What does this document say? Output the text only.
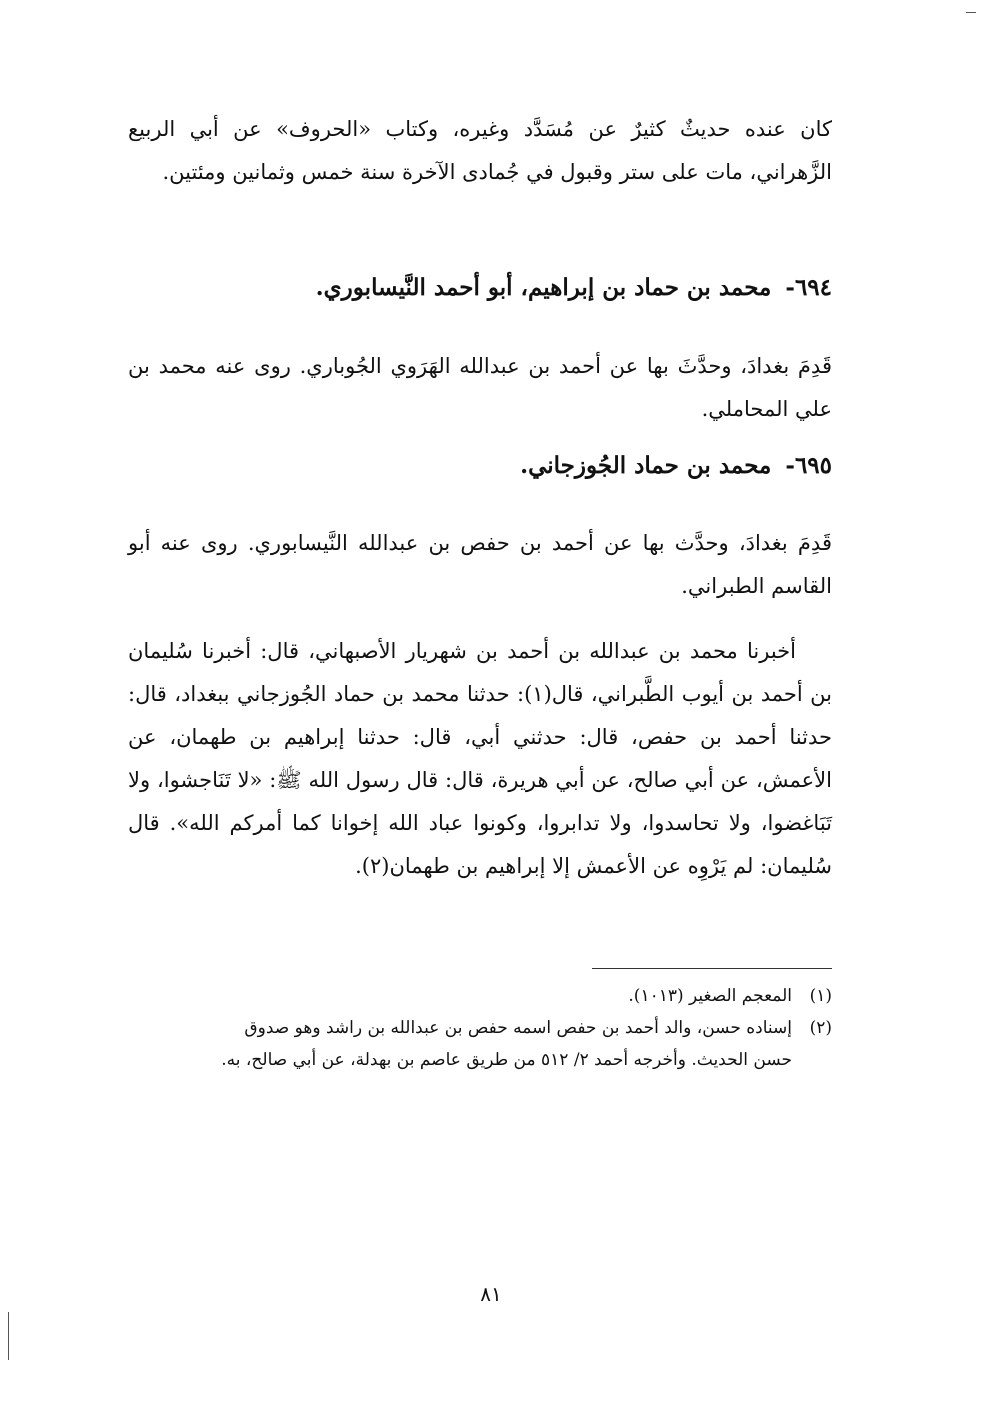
كان عنده حديثٌ كثيرٌ عن مُسَدَّد وغيره، وكتاب «الحروف» عن أبي الربيع الزَّهراني، مات على ستر وقبول في جُمادى الآخرة سنة خمس وثمانين ومئتين.

٦٩٤- محمد بن حماد بن إبراهيم، أبو أحمد النَّيسابوري.

قَدِمَ بغدادَ، وحدَّثَ بها عن أحمد بن عبدالله الهَرَوي الجُوباري. روى عنه محمد بن علي المحاملي.

٦٩٥- محمد بن حماد الجُوزجاني.

قَدِمَ بغدادَ، وحدَّث بها عن أحمد بن حفص بن عبدالله النَّيسابوري. روى عنه أبو القاسم الطبراني.

أخبرنا محمد بن عبدالله بن أحمد بن شهريار الأصبهاني، قال: أخبرنا سُليمان بن أحمد بن أيوب الطَّبراني، قال(١): حدثنا محمد بن حماد الجُوزجاني ببغداد، قال: حدثنا أحمد بن حفص، قال: حدثني أبي، قال: حدثنا إبراهيم بن طهمان، عن الأعمش، عن أبي صالح، عن أبي هريرة، قال: قال رسول الله ﷺ: «لا تَنَاجشوا، ولا تَبَاغضوا، ولا تحاسدوا، ولا تدابروا، وكونوا عباد الله إخوانا كما أمركم الله». قال سُليمان: لم يَرْوِه عن الأعمش إلا إبراهيم بن طهمان(٢).

(١)المعجم الصغير (١٠١٣).

(٢)إسناده حسن، والد أحمد بن حفص اسمه حفص بن عبدالله بن راشد وهو صدوق
حسن الحديث. وأخرجه أحمد ٢/ ٥١٢ من طريق عاصم بن بهدلة، عن أبي صالح، به.

٨١
